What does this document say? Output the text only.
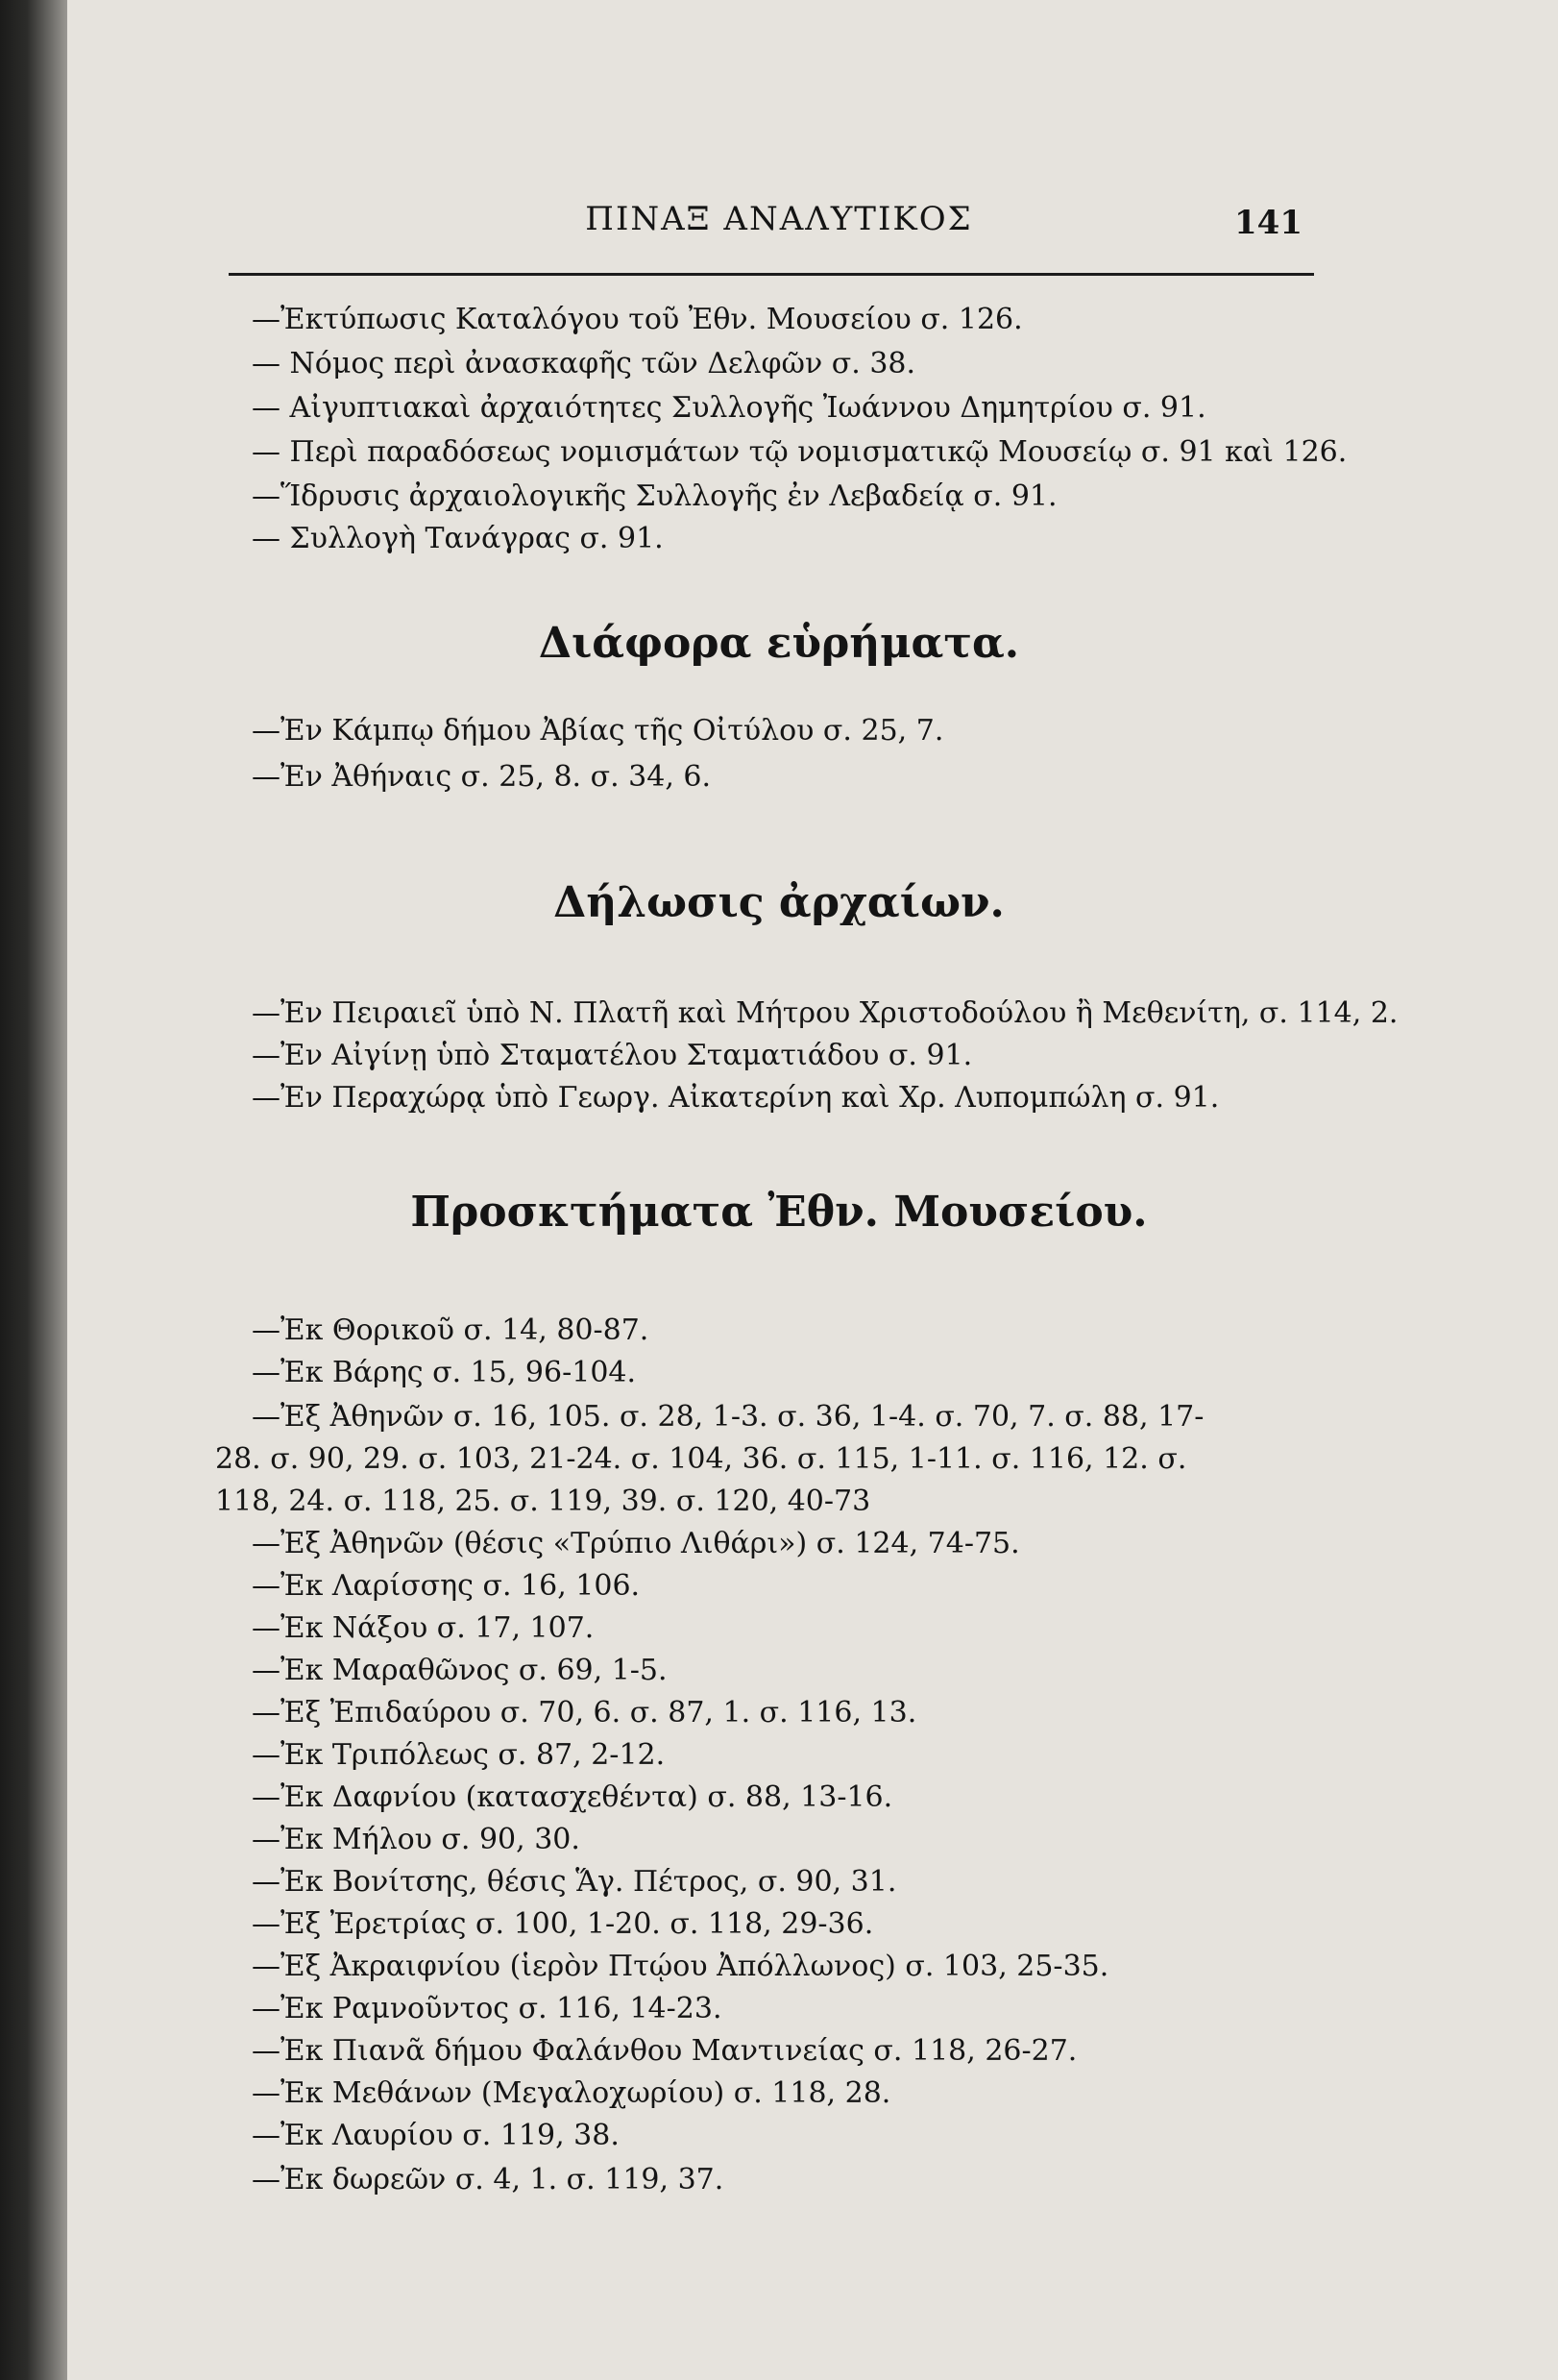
ΠΙΝΑΞ ΑΝΑΛΥΤΙΚΟΣ	141
—Ἐκτύπωσις Καταλόγου τοῦ Ἐθν. Μουσείου σ. 126.
— Νόμος περὶ ἀνασκαφῆς τῶν Δελφῶν σ. 38.
— Αἰγυπτιακαὶ ἀρχαιότητες Συλλογῆς Ἰωάννου Δημητρίου σ. 91.
— Περὶ παραδόσεως νομισμάτων τῷ νομισματικῷ Μουσείῳ σ. 91 καὶ 126.
—Ἵδρυσις ἀρχαιολογικῆς Συλλογῆς ἐν Λεβαδείᾳ σ. 91.
— Συλλογὴ Τανάγρας σ. 91.
Διάφορα εὑρήματα.
—Ἐν Κάμπῳ δήμου Ἀβίας τῆς Οἰτύλου σ. 25, 7.
—Ἐν Ἀθήναις σ. 25, 8. σ. 34, 6.
Δήλωσις ἀρχαίων.
—Ἐν Πειραιεῖ ὑπὸ Ν. Πλατῆ καὶ Μήτρου Χριστοδούλου ἢ Μεθενίτη, σ. 114, 2.
—Ἐν Αἰγίνῃ ὑπὸ Σταματέλου Σταματιάδου σ. 91.
—Ἐν Περαχώρᾳ ὑπὸ Γεωργ. Αἰκατερίνη καὶ Χρ. Λυπομπώλη σ. 91.
Προσκτήματα Ἐθν. Μουσείου.
—Ἐκ Θορικοῦ σ. 14, 80-87.
—Ἐκ Βάρης σ. 15, 96-104.
—Ἐξ Ἀθηνῶν σ. 16, 105. σ. 28, 1-3. σ. 36, 1-4. σ. 70, 7. σ. 88, 17-
28. σ. 90, 29. σ. 103, 21-24. σ. 104, 36. σ. 115, 1-11. σ. 116, 12. σ.
118, 24. σ. 118, 25. σ. 119, 39. σ. 120, 40-73
—Ἐξ Ἀθηνῶν (θέσις «Τρύπιο Λιθάρι») σ. 124, 74-75.
—Ἐκ Λαρίσσης σ. 16, 106.
—Ἐκ Νάξου σ. 17, 107.
—Ἐκ Μαραθῶνος σ. 69, 1-5.
—Ἐξ Ἐπιδαύρου σ. 70, 6. σ. 87, 1. σ. 116, 13.
—Ἐκ Τριπόλεως σ. 87, 2-12.
—Ἐκ Δαφνίου (κατασχεθέντα) σ. 88, 13-16.
—Ἐκ Μήλου σ. 90, 30.
—Ἐκ Βονίτσης, θέσις Ἅγ. Πέτρος, σ. 90, 31.
—Ἐξ Ἐρετρίας σ. 100, 1-20. σ. 118, 29-36.
—Ἐξ Ἀκραιφνίου (ἱερὸν Πτῴου Ἀπόλλωνος) σ. 103, 25-35.
—Ἐκ Ραμνοῦντος σ. 116, 14-23.
—Ἐκ Πιανᾶ δήμου Φαλάνθου Μαντινείας σ. 118, 26-27.
—Ἐκ Μεθάνων (Μεγαλοχωρίου) σ. 118, 28.
—Ἐκ Λαυρίου σ. 119, 38.
—Ἐκ δωρεῶν σ. 4, 1. σ. 119, 37.
